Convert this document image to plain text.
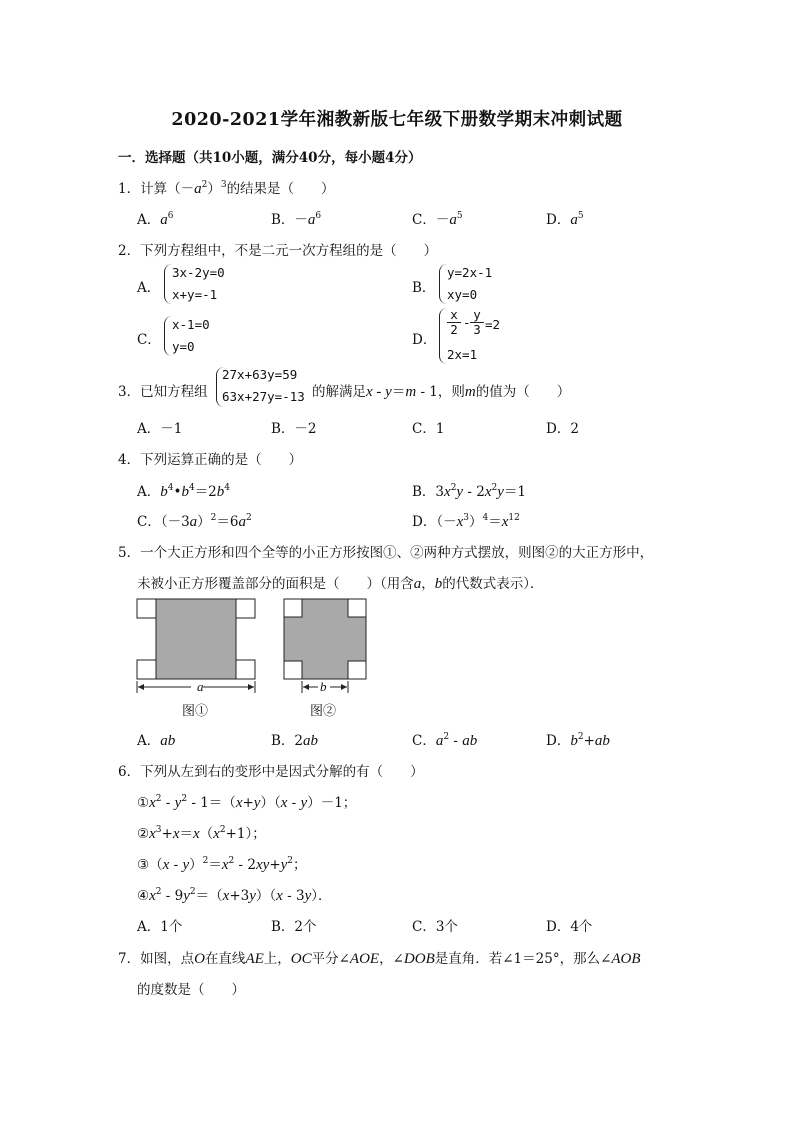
2020-2021学年湘教新版七年级下册数学期末冲刺试题
一．选择题（共10小题，满分40分，每小题4分）
1．计算$(-a^2)^3$的结果是（　　）
A．$a^6$	B．$-a^6$	C．$-a^5$	D．$a^5$
2．下列方程组中，不是二元一次方程组的是（　　）
A．
3x-2y=0
x+y=-1	B．
y=2x-1
xy=0
C．
x-1=0
y=0	D．
$\frac{x}{2} - \frac{y}{3} =2$
2x=1
3．已知方程组
27x+63y=59
63x+27y=-13 的解满足x - y＝m - 1，则m的值为（　　）
A．－1	B．－2	C．1	D．2
4．下列运算正确的是（　　）
A．$b^4•b^4=2b^4$	B．$3x^2y - 2x^2y=1$
C．$(-3a)^2=6a^2$	D．$(-x^3)^4=x^{12}$
5．一个大正方形和四个全等的小正方形按图①、②两种方式摆放，则图②的大正方形中，
未被小正方形覆盖部分的面积是（　　）（用含a，b的代数式表示）．
a
图①
b
图②
A．ab	B．2ab	C．$a^2$ - ab	D．$b^2+ab$
6．下列从左到右的变形中是因式分解的有（　　）
$①x^2 - y^2 - 1=(x+y)(x - y)-1$；
$②x^3+x=x(x^2+1)$；
③（x - $y)^2=x^2 - 2xy+y^2$；
$④x^2 - 9y^2=(x+3y)(x - 3y)$．
A．1个	B．2个	C．3个	D．4个
7．如图，点O在直线AE上，OC平分∠AOE，∠DOB是直角．若∠1＝25°，那么∠AOB
的度数是（　　）
